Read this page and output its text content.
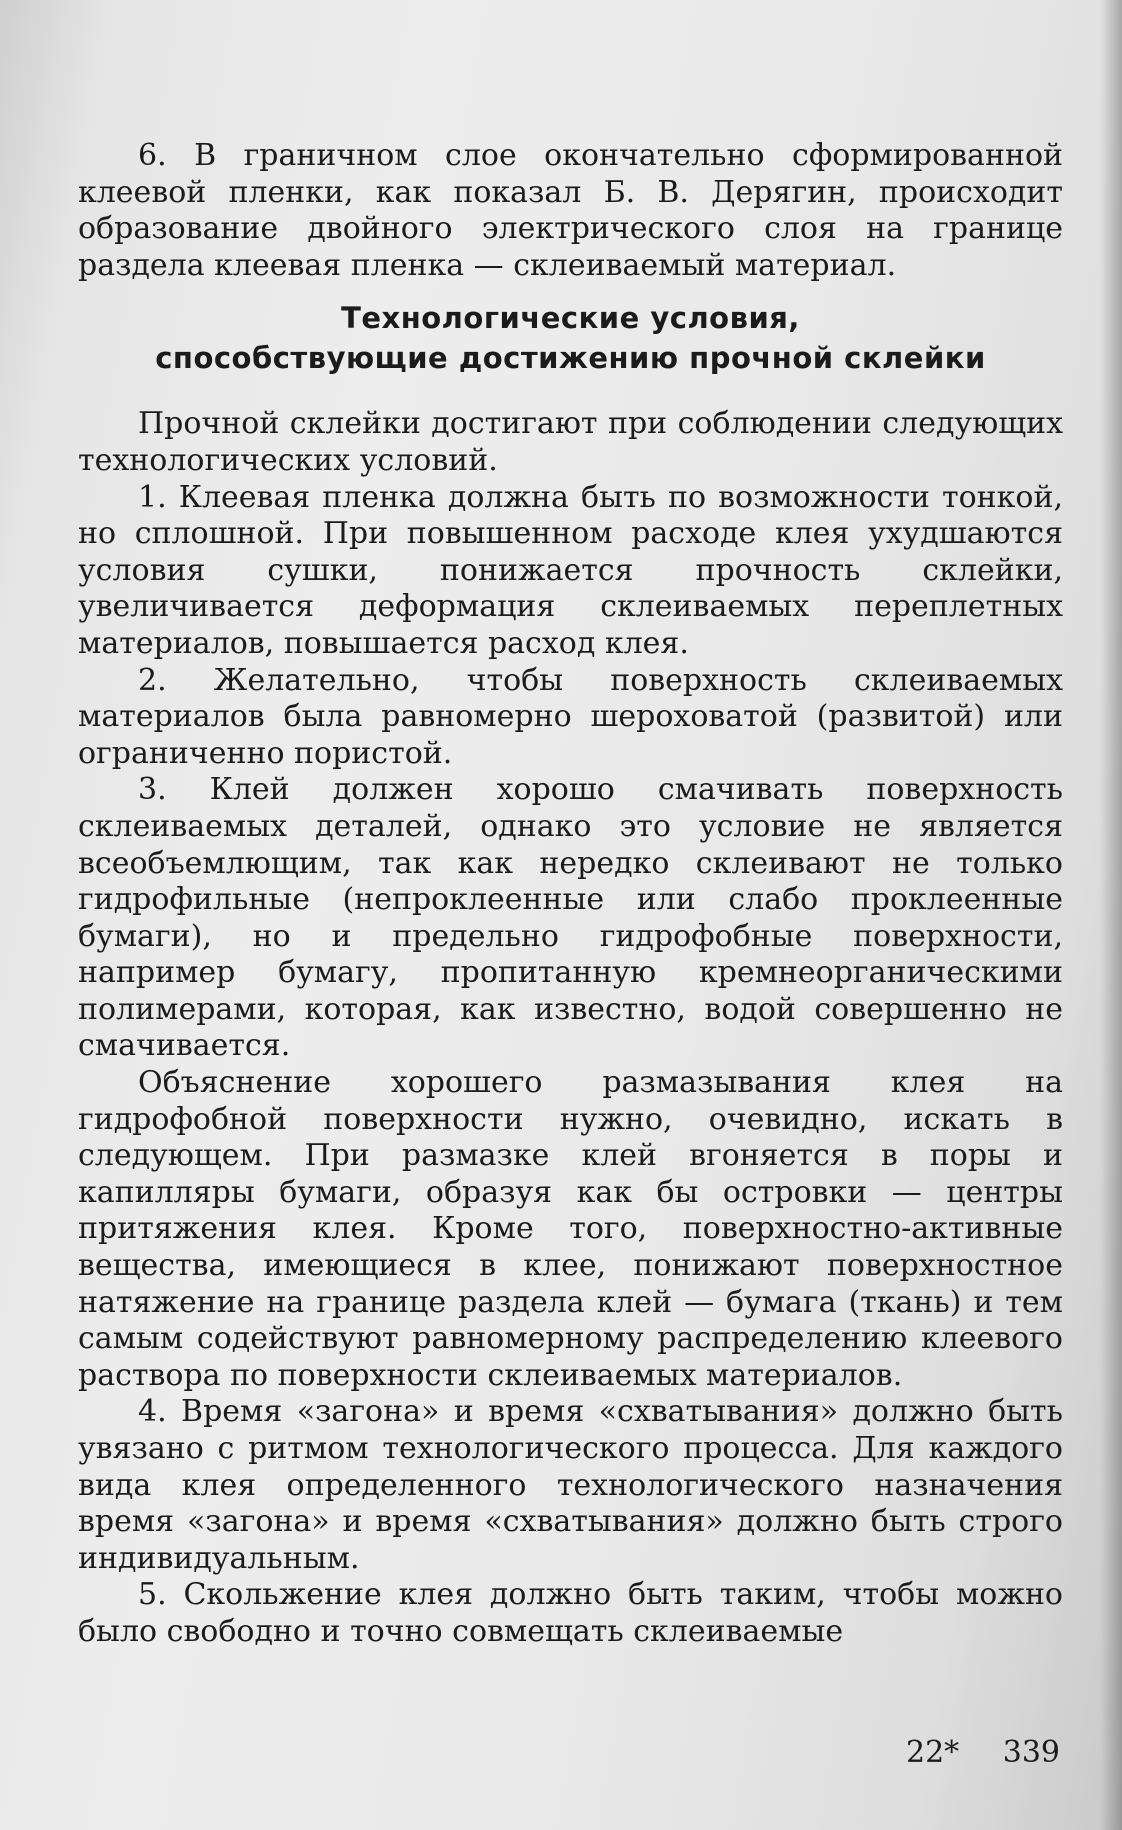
6. В граничном слое окончательно сформированной клеевой пленки, как показал Б. В. Дерягин, происходит образование двойного электрического слоя на границе раздела клеевая пленка — склеиваемый материал.

Технологические условия,
способствующие достижению прочной склейки

Прочной склейки достигают при соблюдении следующих технологических условий.

1. Клеевая пленка должна быть по возможности тонкой, но сплошной. При повышенном расходе клея ухудшаются условия сушки, понижается прочность склейки, увеличивается деформация склеиваемых переплетных материалов, повышается расход клея.

2. Желательно, чтобы поверхность склеиваемых материалов была равномерно шероховатой (развитой) или ограниченно пористой.

3. Клей должен хорошо смачивать поверхность склеиваемых деталей, однако это условие не является всеобъемлющим, так как нередко склеивают не только гидрофильные (непроклеенные или слабо проклеенные бумаги), но и предельно гидрофобные поверхности, например бумагу, пропитанную кремнеорганическими полимерами, которая, как известно, водой совершенно не смачивается.

Объяснение хорошего размазывания клея на гидрофобной поверхности нужно, очевидно, искать в следующем. При размазке клей вгоняется в поры и капилляры бумаги, образуя как бы островки — центры притяжения клея. Кроме того, поверхностно-активные вещества, имеющиеся в клее, понижают поверхностное натяжение на границе раздела клей — бумага (ткань) и тем самым содействуют равномерному распределению клеевого раствора по поверхности склеиваемых материалов.

4. Время «загона» и время «схватывания» должно быть увязано с ритмом технологического процесса. Для каждого вида клея определенного технологического назначения время «загона» и время «схватывания» должно быть строго индивидуальным.

5. Скольжение клея должно быть таким, чтобы можно было свободно и точно совмещать склеиваемые

22* 339
